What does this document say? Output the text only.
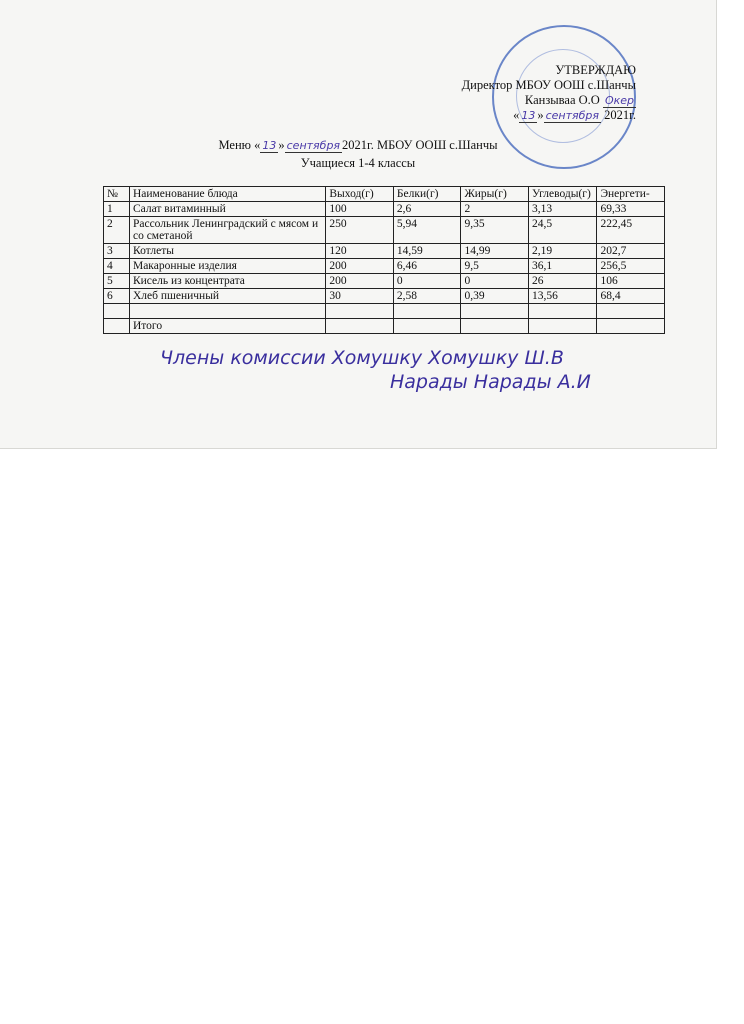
УТВЕРЖДАЮ
Директор МБОУ ООШ с.Шанчы
Канзываа О.О Окер
« 13 » сентября 2021г.
Меню « 13 » сентября 2021г. МБОУ ООШ с.Шанчы
Учащиеся 1-4 классы
№	Наименование блюда	Выход(г)	Белки(г)	Жиры(г)	Углеводы(г)	Энергети-
1	Салат витаминный	100	2,6	2	3,13	69,33
2	Рассольник Ленинградский с мясом и со сметаной	250	5,94	9,35	24,5	222,45
3	Котлеты	120	14,59	14,99	2,19	202,7
4	Макаронные изделия	200	6,46	9,5	36,1	256,5
5	Кисель из концентрата	200	0	0	26	106
6	Хлеб пшеничный	30	2,58	0,39	13,56	68,4

	Итого					
Члены комиссии Хомушку Хомушку Ш.В
Нарады Нарады А.И
